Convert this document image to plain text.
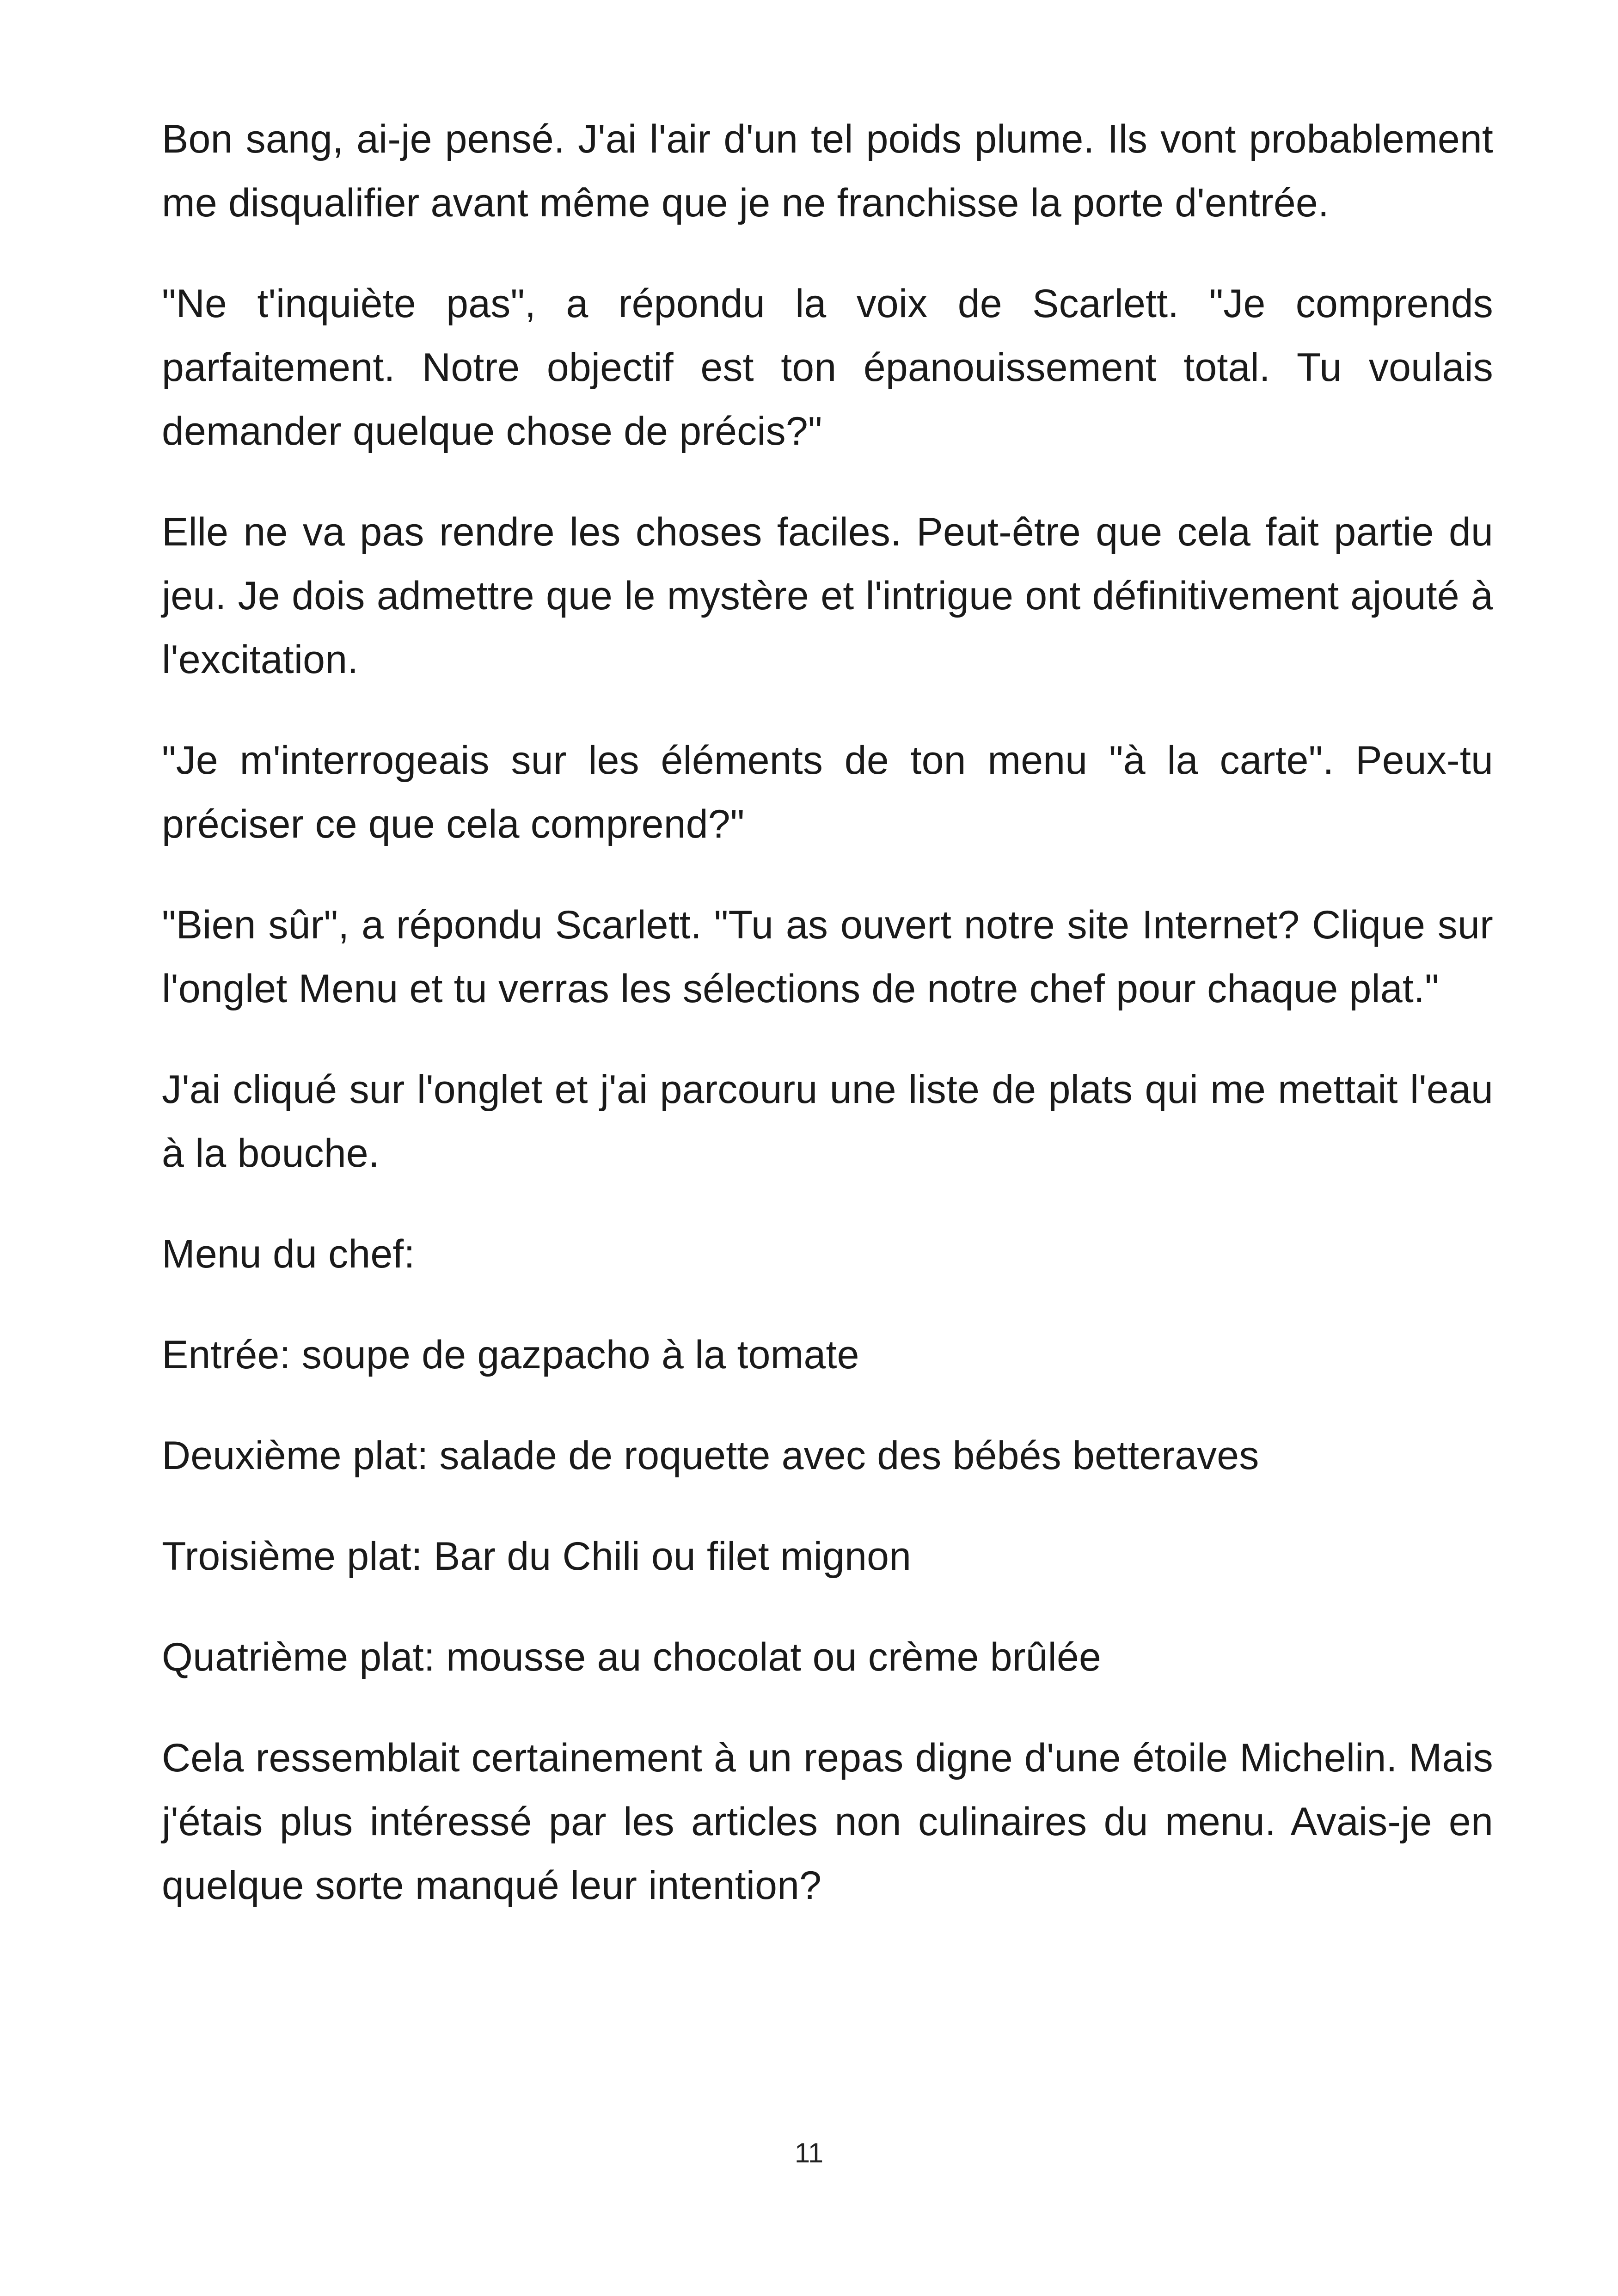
Bon sang, ai-je pensé. J'ai l'air d'un tel poids plume. Ils vont probablement me disqualifier avant même que je ne franchisse la porte d'entrée.

"Ne t'inquiète pas", a répondu la voix de Scarlett. "Je comprends parfaitement. Notre objectif est ton épanouissement total. Tu voulais demander quelque chose de précis?"

Elle ne va pas rendre les choses faciles. Peut-être que cela fait partie du jeu. Je dois admettre que le mystère et l'intrigue ont définitivement ajouté à l'excitation.

"Je m'interrogeais sur les éléments de ton menu "à la carte". Peux-tu préciser ce que cela comprend?"

"Bien sûr", a répondu Scarlett. "Tu as ouvert notre site Internet? Clique sur l'onglet Menu et tu verras les sélections de notre chef pour chaque plat."

J'ai cliqué sur l'onglet et j'ai parcouru une liste de plats qui me mettait l'eau à la bouche.

Menu du chef:

Entrée: soupe de gazpacho à la tomate

Deuxième plat: salade de roquette avec des bébés betteraves

Troisième plat: Bar du Chili ou filet mignon

Quatrième plat: mousse au chocolat ou crème brûlée

Cela ressemblait certainement à un repas digne d'une étoile Michelin. Mais j'étais plus intéressé par les articles non culinaires du menu. Avais-je en quelque sorte manqué leur intention?

11
